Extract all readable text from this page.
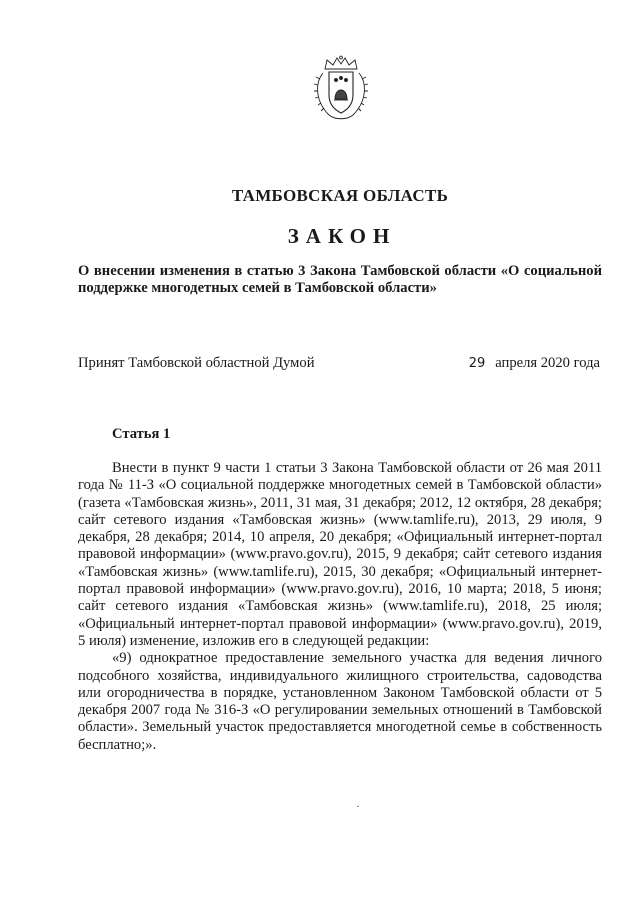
ТАМБОВСКАЯ ОБЛАСТЬ
ЗАКОН
О внесении изменения в статью 3 Закона Тамбовской области «О социальной поддержке многодетных семей в Тамбовской области»
Принят Тамбовской областной Думой	29 апреля 2020 года
Статья 1

Внести в пункт 9 части 1 статьи 3 Закона Тамбовской области от 26 мая 2011 года № 11-З «О социальной поддержке многодетных семей в Тамбовской области» (газета «Тамбовская жизнь», 2011, 31 мая, 31 декабря; 2012, 12 октября, 28 декабря; сайт сетевого издания «Тамбовская жизнь» (www.tamlife.ru), 2013, 29 июля, 9 декабря, 28 декабря; 2014, 10 апреля, 20 декабря; «Официальный интернет-портал правовой информации» (www.pravo.gov.ru), 2015, 9 декабря; сайт сетевого издания «Тамбовская жизнь» (www.tamlife.ru), 2015, 30 декабря; «Официальный интернет-портал правовой информации» (www.pravo.gov.ru), 2016, 10 марта; 2018, 5 июня; сайт сетевого издания «Тамбовская жизнь» (www.tamlife.ru), 2018, 25 июля; «Официальный интернет-портал правовой информации» (www.pravo.gov.ru), 2019, 5 июля) изменение, изложив его в следующей редакции:

«9) однократное предоставление земельного участка для ведения личного подсобного хозяйства, индивидуального жилищного строительства, садоводства или огородничества в порядке, установленном Законом Тамбовской области от 5 декабря 2007 года № 316-З «О регулировании земельных отношений в Тамбовской области». Земельный участок предоставляется многодетной семье в собственность бесплатно;».
